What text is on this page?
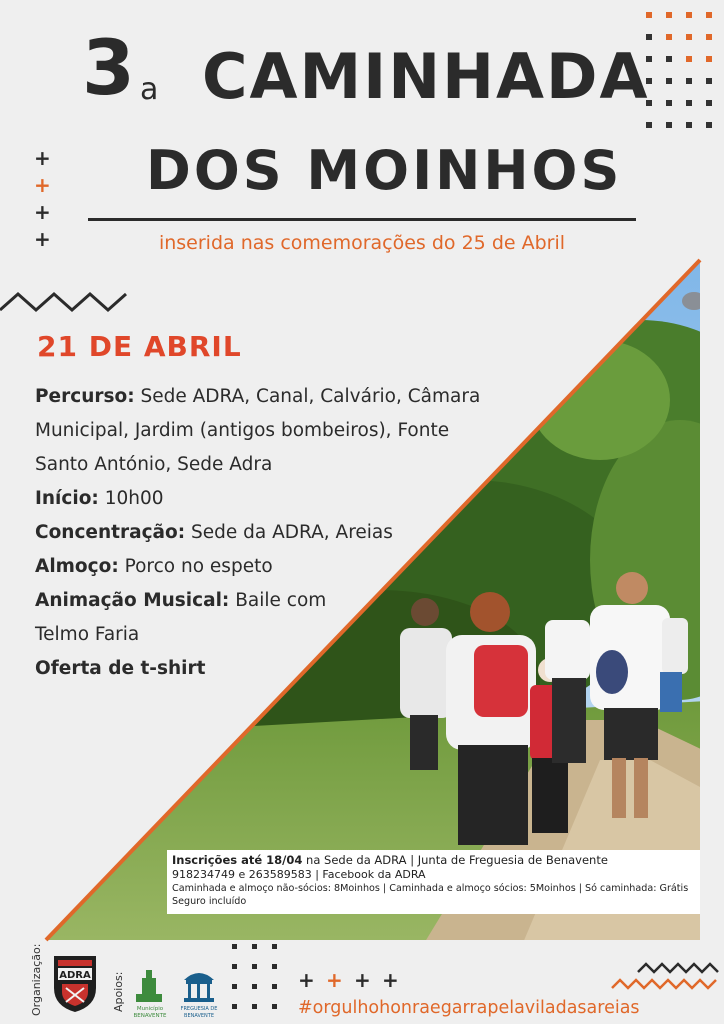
+
+
+
+
3 a CAMINHADA
DOS MOINHOS
inserida nas comemorações do 25 de Abril
21 DE ABRIL

Percurso: Sede ADRA, Canal, Calvário, Câmara

Municipal, Jardim (antigos bombeiros), Fonte

Santo António, Sede Adra

Início: 10h00

Concentração: Sede da ADRA, Areias

Almoço: Porco no espeto

Animação Musical: Baile com

Telmo Faria

Oferta de t-shirt

Inscrições até 18/04 na Sede da ADRA | Junta de Freguesia de Benavente
918234749 e 263589583 | Facebook da ADRA
Caminhada e almoço não-sócios: 8Moinhos | Caminhada e almoço sócios: 5Moinhos | Só caminhada: Grátis
Seguro incluído
Organização: ADRA Apoios: Município
BENAVENTE
FREGUESIA DE
BENAVENTE
+ + + +
#orgulhohonraegarrapelaviladasareias
